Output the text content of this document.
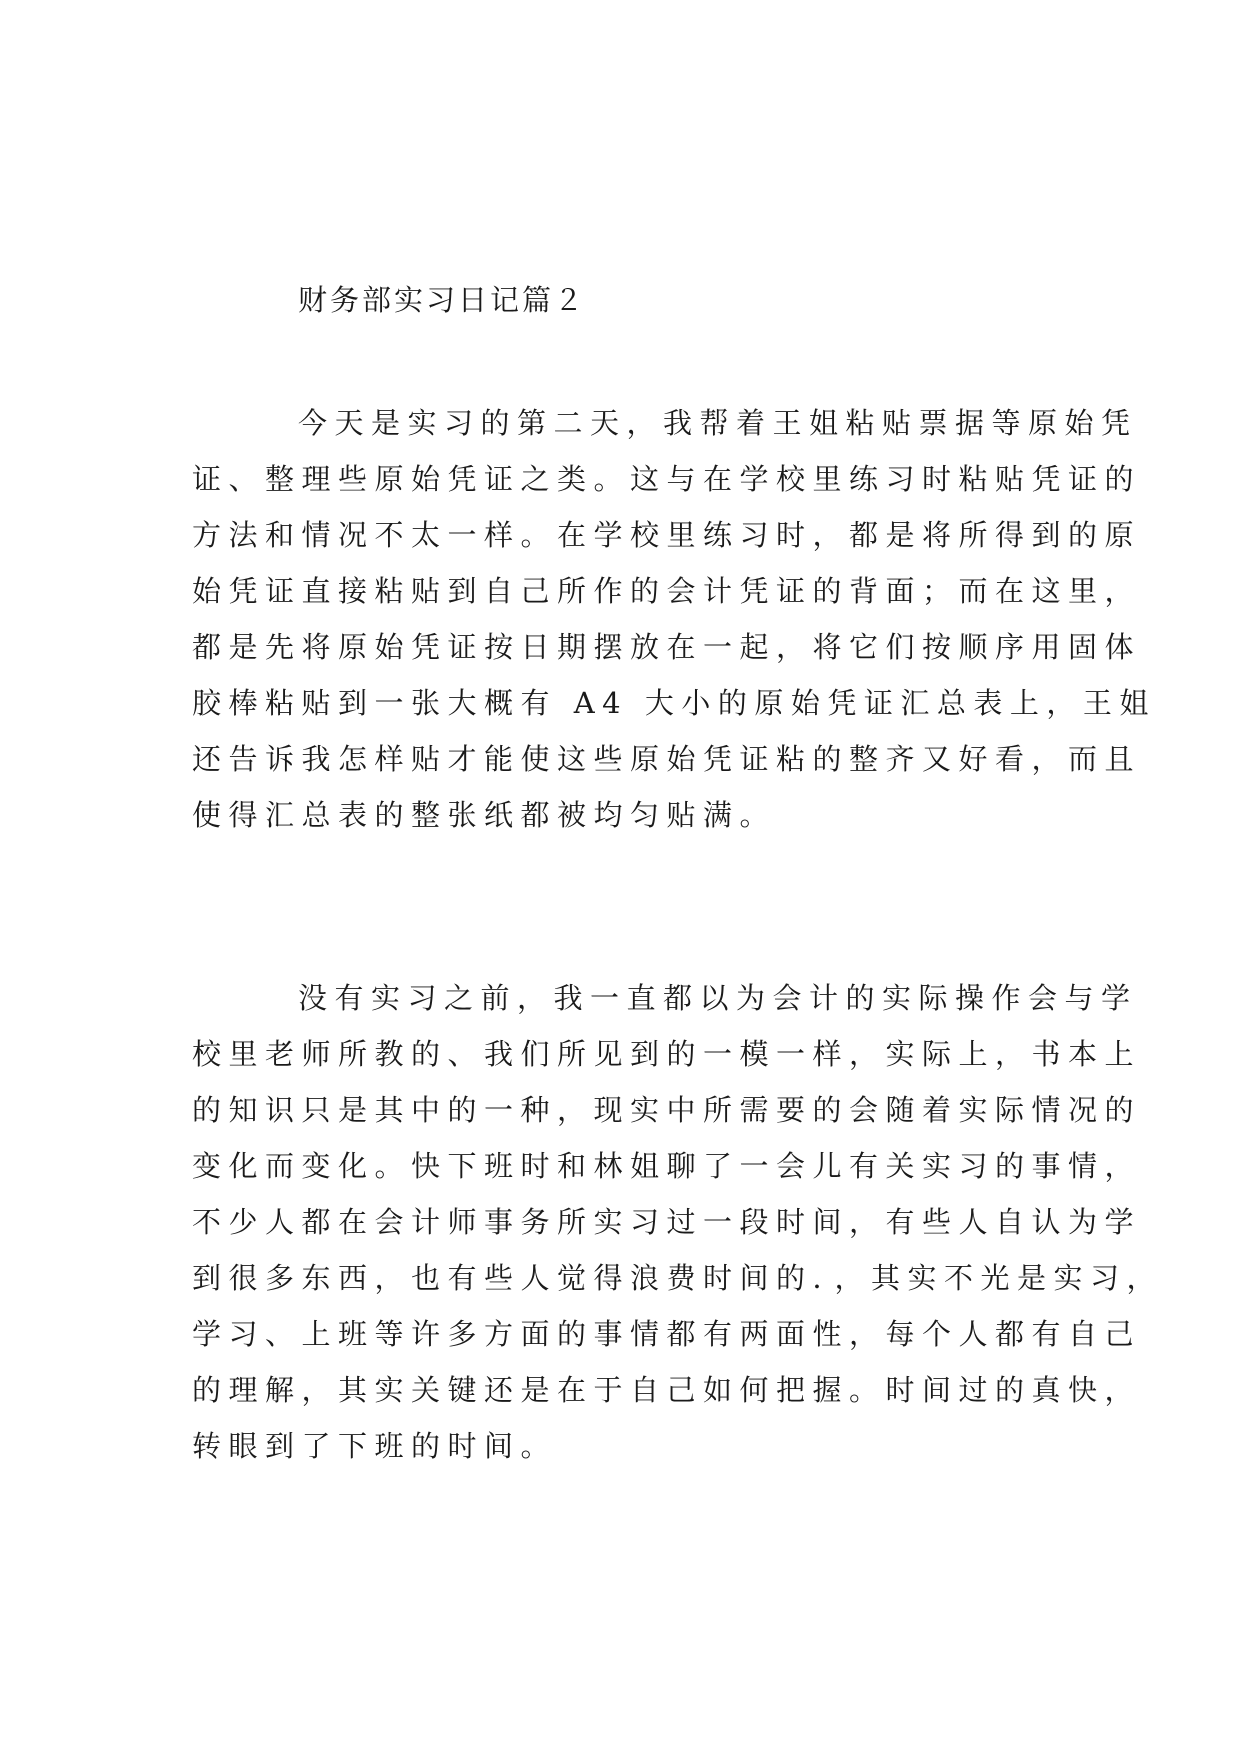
财务部实习日记篇２
今天是实习的第二天，我帮着王姐粘贴票据等原始凭
证、整理些原始凭证之类。这与在学校里练习时粘贴凭证的
方法和情况不太一样。在学校里练习时，都是将所得到的原
始凭证直接粘贴到自己所作的会计凭证的背面；而在这里，
都是先将原始凭证按日期摆放在一起，将它们按顺序用固体
胶棒粘贴到一张大概有 A4 大小的原始凭证汇总表上，王姐
还告诉我怎样贴才能使这些原始凭证粘的整齐又好看，而且
使得汇总表的整张纸都被均匀贴满。
没有实习之前，我一直都以为会计的实际操作会与学
校里老师所教的、我们所见到的一模一样，实际上，书本上
的知识只是其中的一种，现实中所需要的会随着实际情况的
变化而变化。快下班时和林姐聊了一会儿有关实习的事情，
不少人都在会计师事务所实习过一段时间，有些人自认为学
到很多东西，也有些人觉得浪费时间的．，其实不光是实习，
学习、上班等许多方面的事情都有两面性，每个人都有自己
的理解，其实关键还是在于自己如何把握。时间过的真快，
转眼到了下班的时间。
